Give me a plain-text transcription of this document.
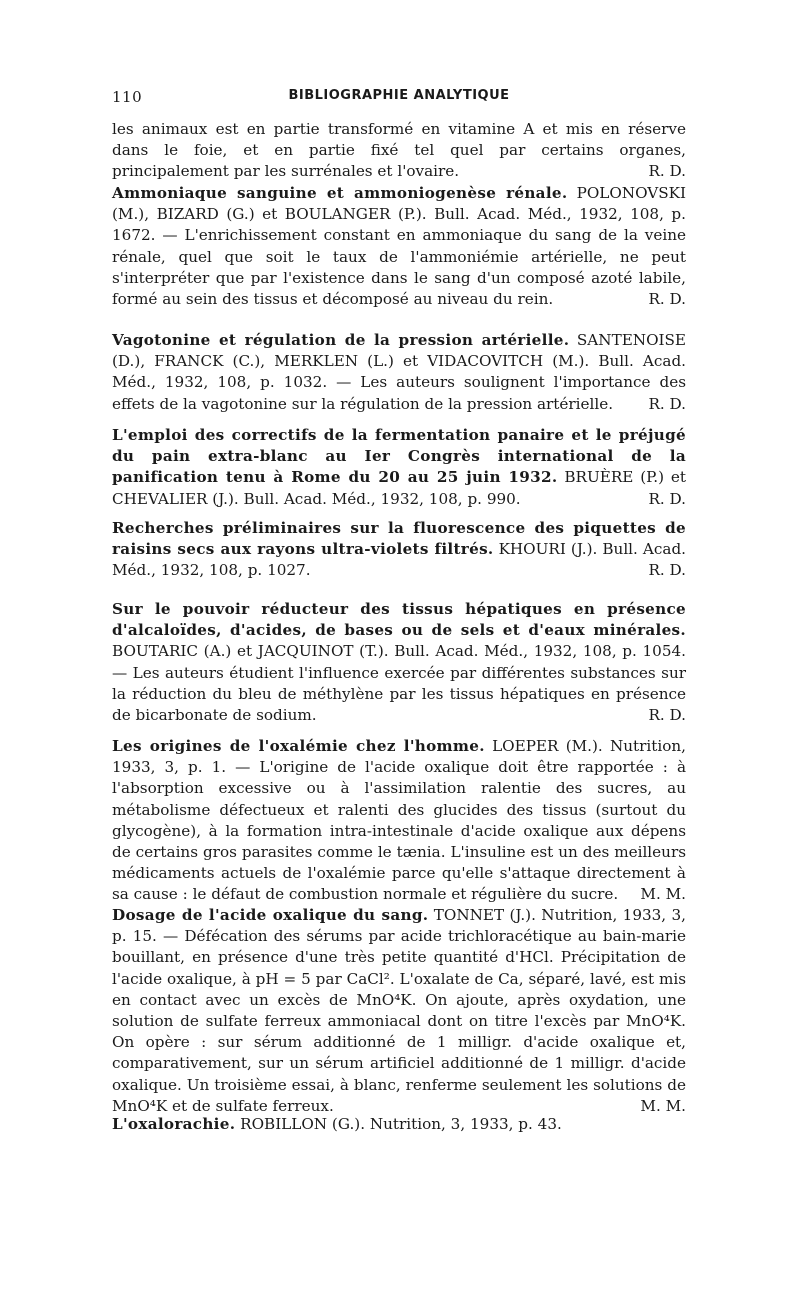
110	BIBLIOGRAPHIE ANALYTIQUE
les animaux est en partie transformé en vitamine A et mis en réserve dans le foie, et en partie fixé tel quel par certains organes, principalement par les surrénales et l'ovaire.	R. D.
Ammoniaque sanguine et ammoniogenèse rénale. POLONOVSKI (M.), BIZARD (G.) et BOULANGER (P.). Bull. Acad. Méd., 1932, 108, p. 1672. — L'enrichissement constant en ammoniaque du sang de la veine rénale, quel que soit le taux de l'ammoniémie artérielle, ne peut s'interpréter que par l'existence dans le sang d'un composé azoté labile, formé au sein des tissus et décomposé au niveau du rein.	R. D.
Vagotonine et régulation de la pression artérielle. SANTENOISE (D.), FRANCK (C.), MERKLEN (L.) et VIDACOVITCH (M.). Bull. Acad. Méd., 1932, 108, p. 1032. — Les auteurs soulignent l'importance des effets de la vagotonine sur la régulation de la pression artérielle. R. D.
L'emploi des correctifs de la fermentation panaire et le préjugé du pain extra-blanc au Ier Congrès international de la panification tenu à Rome du 20 au 25 juin 1932. BRUÈRE (P.) et CHEVALIER (J.). Bull. Acad. Méd., 1932, 108, p. 990.	R. D.
Recherches préliminaires sur la fluorescence des piquettes de raisins secs aux rayons ultra-violets filtrés. KHOURI (J.). Bull. Acad. Méd., 1932, 108, p. 1027.	R. D.
Sur le pouvoir réducteur des tissus hépatiques en présence d'alcaloïdes, d'acides, de bases ou de sels et d'eaux minérales. BOUTARIC (A.) et JACQUINOT (T.). Bull. Acad. Méd., 1932, 108, p. 1054. — Les auteurs étudient l'influence exercée par différentes substances sur la réduction du bleu de méthylène par les tissus hépatiques en présence de bicarbonate de sodium.	R. D.
Les origines de l'oxalémie chez l'homme. LOEPER (M.). Nutrition, 1933, 3, p. 1. — L'origine de l'acide oxalique doit être rapportée : à l'absorption excessive ou à l'assimilation ralentie des sucres, au métabolisme défectueux et ralenti des glucides des tissus (surtout du glycogène), à la formation intra-intestinale d'acide oxalique aux dépens de certains gros parasites comme le tænia. L'insuline est un des meilleurs médicaments actuels de l'oxalémie parce qu'elle s'attaque directement à sa cause : le défaut de combustion normale et régulière du sucre. M. M.
Dosage de l'acide oxalique du sang. TONNET (J.). Nutrition, 1933, 3, p. 15. — Défécation des sérums par acide trichloracétique au bain-marie bouillant, en présence d'une très petite quantité d'HCl. Précipitation de l'acide oxalique, à pH = 5 par CaCl². L'oxalate de Ca, séparé, lavé, est mis en contact avec un excès de MnO⁴K. On ajoute, après oxydation, une solution de sulfate ferreux ammoniacal dont on titre l'excès par MnO⁴K. On opère : sur sérum additionné de 1 milligr. d'acide oxalique et, comparativement, sur un sérum artificiel additionné de 1 milligr. d'acide oxalique. Un troisième essai, à blanc, renferme seulement les solutions de MnO⁴K et de sulfate ferreux.	M. M.
L'oxalorachie. ROBILLON (G.). Nutrition, 3, 1933, p. 43.
